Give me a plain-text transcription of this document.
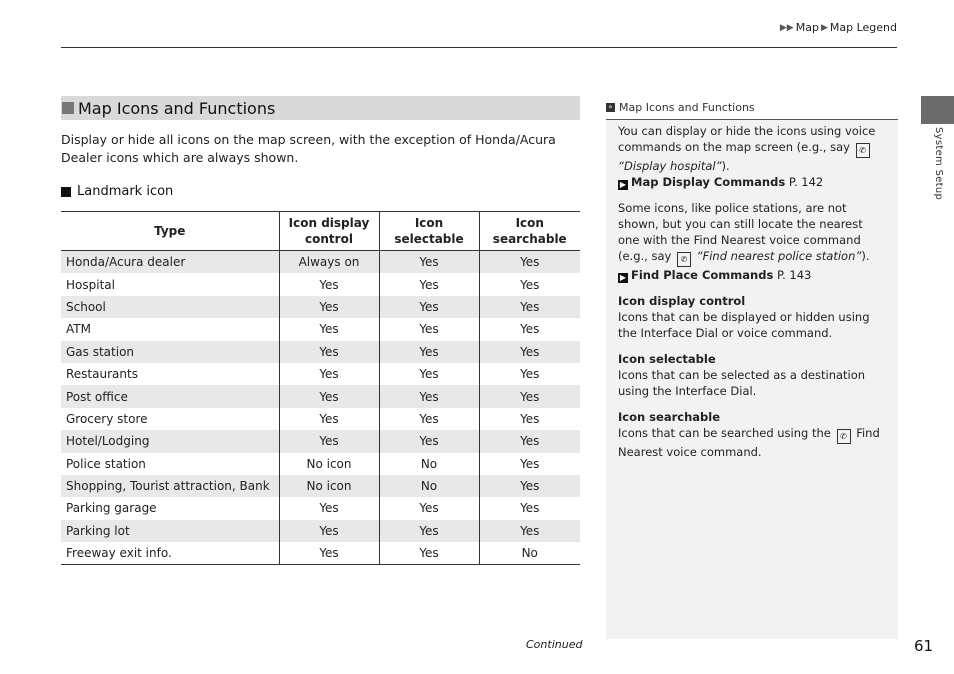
▶▶ Map ▶ Map Legend
System Setup
Map Icons and Functions
Display or hide all icons on the map screen, with the exception of Honda/Acura Dealer icons which are always shown.
Landmark icon
Type	Icon display control	Icon selectable	Icon searchable
Honda/Acura dealer	Always on	Yes	Yes
Hospital	Yes	Yes	Yes
School	Yes	Yes	Yes
ATM	Yes	Yes	Yes
Gas station	Yes	Yes	Yes
Restaurants	Yes	Yes	Yes
Post office	Yes	Yes	Yes
Grocery store	Yes	Yes	Yes
Hotel/Lodging	Yes	Yes	Yes
Police station	No icon	No	Yes
Shopping, Tourist attraction, Bank	No icon	No	Yes
Parking garage	Yes	Yes	Yes
Parking lot	Yes	Yes	Yes
Freeway exit info.	Yes	Yes	No
Continued
» Map Icons and Functions

You can display or hide the icons using voice commands on the map screen (e.g., say ✆ “Display hospital”).
▶ Map Display Commands P. 142

Some icons, like police stations, are not shown, but you can still locate the nearest one with the Find Nearest voice command (e.g., say ✆ “Find nearest police station”).
▶ Find Place Commands P. 143

Icon display control
Icons that can be displayed or hidden using the Interface Dial or voice command.

Icon selectable
Icons that can be selected as a destination using the Interface Dial.

Icon searchable
Icons that can be searched using the ✆ Find Nearest voice command.

61
